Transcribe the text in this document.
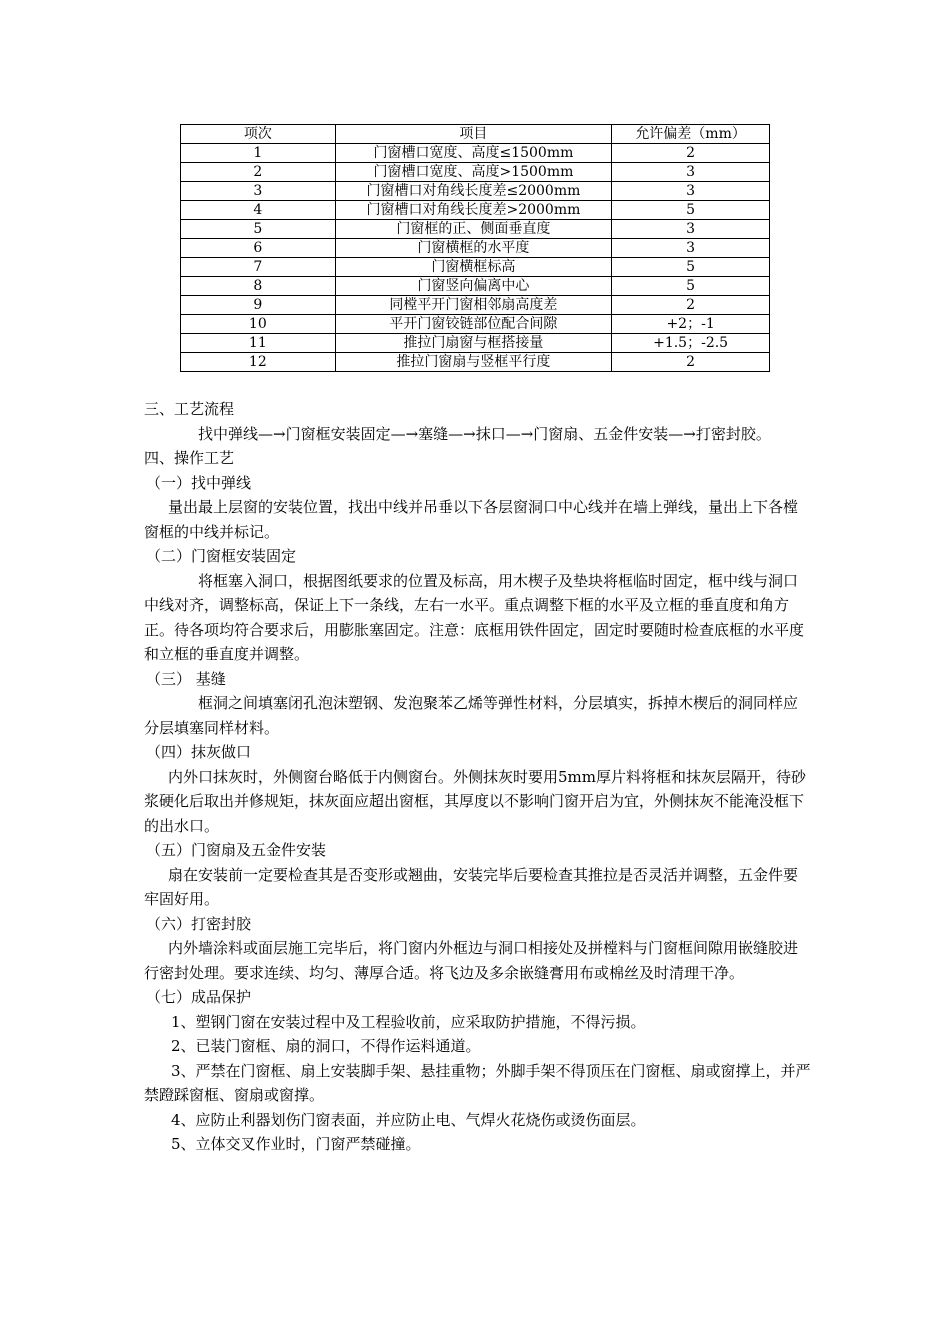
项次	项目	允许偏差（mm）
1	门窗槽口宽度、高度≤1500mm	2
2	门窗槽口宽度、高度>1500mm	3
3	门窗槽口对角线长度差≤2000mm	3
4	门窗槽口对角线长度差>2000mm	5
5	门窗框的正、侧面垂直度	3
6	门窗横框的水平度	3
7	门窗横框标高	5
8	门窗竖向偏离中心	5
9	同樘平开门窗相邻扇高度差	2
10	平开门窗铰链部位配合间隙	+2；-1
11	推拉门扇窗与框搭接量	+1.5；-2.5
12	推拉门窗扇与竖框平行度	2

三、工艺流程

找中弹线—→门窗框安装固定—→塞缝—→抹口—→门窗扇、五金件安装—→打密封胶。

四、操作工艺

（一）找中弹线

量出最上层窗的安装位置，找出中线并吊垂以下各层窗洞口中心线并在墙上弹线，量出上下各樘窗框的中线并标记。

（二）门窗框安装固定

将框塞入洞口，根据图纸要求的位置及标高，用木楔子及垫块将框临时固定，框中线与洞口中线对齐，调整标高，保证上下一条线，左右一水平。重点调整下框的水平及立框的垂直度和角方正。待各项均符合要求后，用膨胀塞固定。注意：底框用铁件固定，固定时要随时检查底框的水平度和立框的垂直度并调整。

（三） 基缝

框洞之间填塞闭孔泡沫塑钢、发泡聚苯乙烯等弹性材料，分层填实，拆掉木楔后的洞同样应分层填塞同样材料。

（四）抹灰做口

内外口抹灰时，外侧窗台略低于内侧窗台。外侧抹灰时要用5mm厚片料将框和抹灰层隔开，待砂浆硬化后取出并修规矩，抹灰面应超出窗框，其厚度以不影响门窗开启为宜，外侧抹灰不能淹没框下的出水口。

（五）门窗扇及五金件安装

扇在安装前一定要检查其是否变形或翘曲，安装完毕后要检查其推拉是否灵活并调整，五金件要牢固好用。

（六）打密封胶

内外墙涂料或面层施工完毕后，将门窗内外框边与洞口相接处及拼樘料与门窗框间隙用嵌缝胶进行密封处理。要求连续、均匀、薄厚合适。将飞边及多余嵌缝膏用布或棉丝及时清理干净。

（七）成品保护

1、塑钢门窗在安装过程中及工程验收前，应采取防护措施，不得污损。

2、已装门窗框、扇的洞口，不得作运料通道。

3、严禁在门窗框、扇上安装脚手架、悬挂重物；外脚手架不得顶压在门窗框、扇或窗撑上，并严禁蹬踩窗框、窗扇或窗撑。

4、应防止利器划伤门窗表面，并应防止电、气焊火花烧伤或烫伤面层。

5、立体交叉作业时，门窗严禁碰撞。
